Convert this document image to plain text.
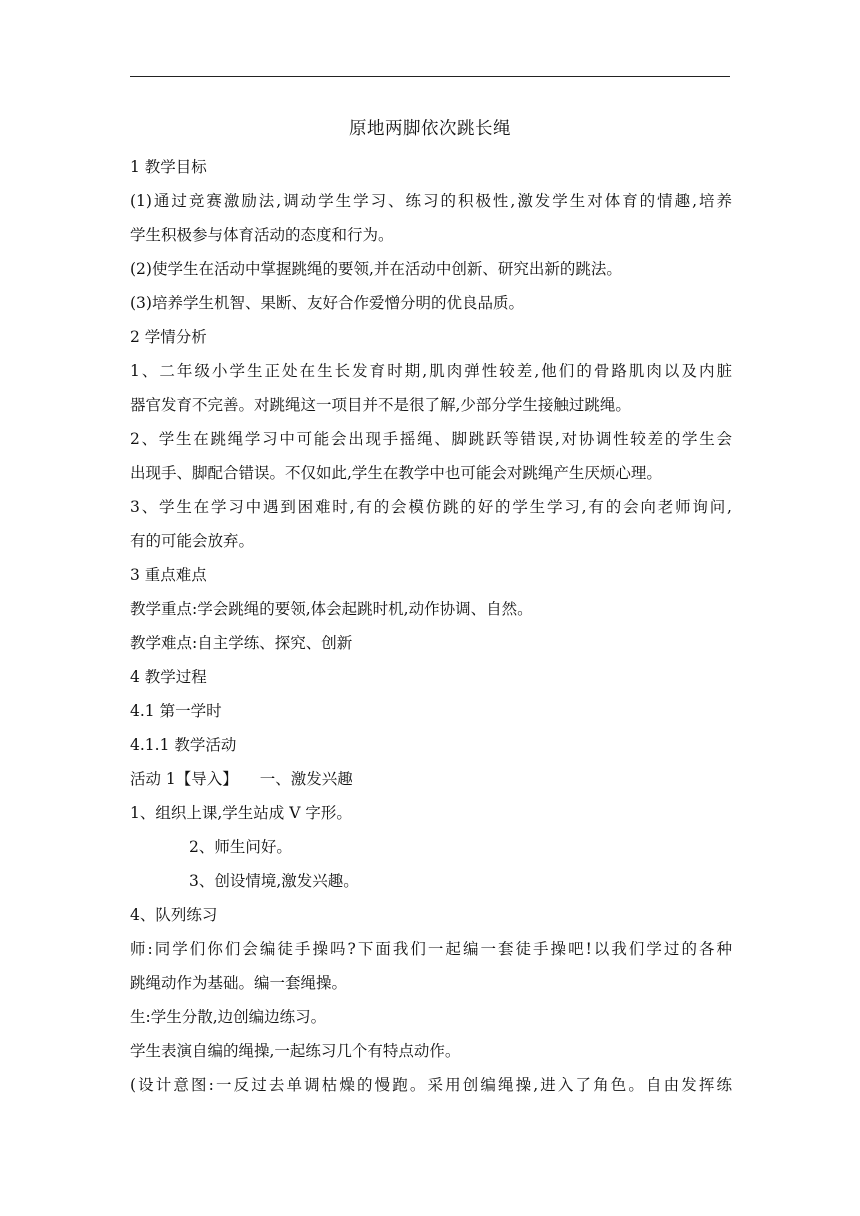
原地两脚依次跳长绳
1 教学目标
(1)通过竞赛激励法,调动学生学习、练习的积极性,激发学生对体育的情趣,培养
学生积极参与体育活动的态度和行为。
(2)使学生在活动中掌握跳绳的要领,并在活动中创新、研究出新的跳法。
(3)培养学生机智、果断、友好合作爱憎分明的优良品质。
2 学情分析
1、二年级小学生正处在生长发育时期,肌肉弹性较差,他们的骨路肌肉以及内脏
器官发育不完善。对跳绳这一项目并不是很了解,少部分学生接触过跳绳。
2、学生在跳绳学习中可能会出现手摇绳、脚跳跃等错误,对协调性较差的学生会
出现手、脚配合错误。不仅如此,学生在教学中也可能会对跳绳产生厌烦心理。
3、学生在学习中遇到困难时,有的会模仿跳的好的学生学习,有的会向老师询问,
有的可能会放弃。
3 重点难点
教学重点:学会跳绳的要领,体会起跳时机,动作协调、自然。
教学难点:自主学练、探究、创新
4 教学过程
4.1 第一学时
4.1.1 教学活动
活动 1【导入】 一、激发兴趣
1、组织上课,学生站成 V 字形。
2、师生问好。
3、创设情境,激发兴趣。
4、队列练习
师:同学们你们会编徒手操吗?下面我们一起编一套徒手操吧!以我们学过的各种
跳绳动作为基础。编一套绳操。
生:学生分散,边创编边练习。
学生表演自编的绳操,一起练习几个有特点动作。
(设计意图:一反过去单调枯燥的慢跑。采用创编绳操,进入了角色。自由发挥练
